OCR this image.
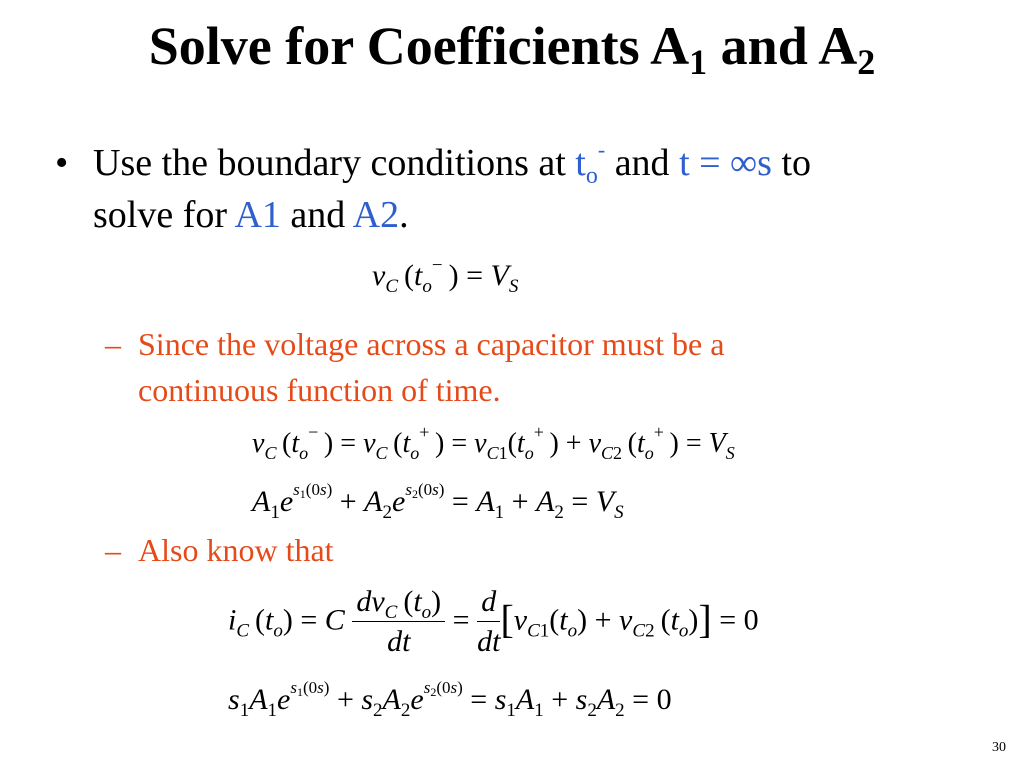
Solve for Coefficients $A_1$ and $A_2$
• Use the boundary conditions at $t_o^-$ and t = ∞s to
solve for A1 and A2.
$v_C$ ($t_o^-$ ) = $V_S$
– Since the voltage across a capacitor must be a
continuous function of time.
$v_C$ ($t_o^-$ ) = $v_C$ ($t_o^+$ ) = $v_{C1}(t_o^+$ ) + $v_{C2}$ ($t_o^+$ ) = $V_S$
$A_1e^{s_1(0s)} + A_2e^{s_2(0s)} = A_1 + A_2 = V_S$
– Also know that
$i_C$ $(t_o) = C \frac{dv_C (t_o)}{dt} = \frac{d}{dt} [v_{C1}(t_o) + v_{C2}$ $(t_o)] = 0$
$s_1A_1e^{s_1(0s)} + s_2A_2e^{s_2(0s)} = s_1A_1 + s_2A_2 = 0$
30
